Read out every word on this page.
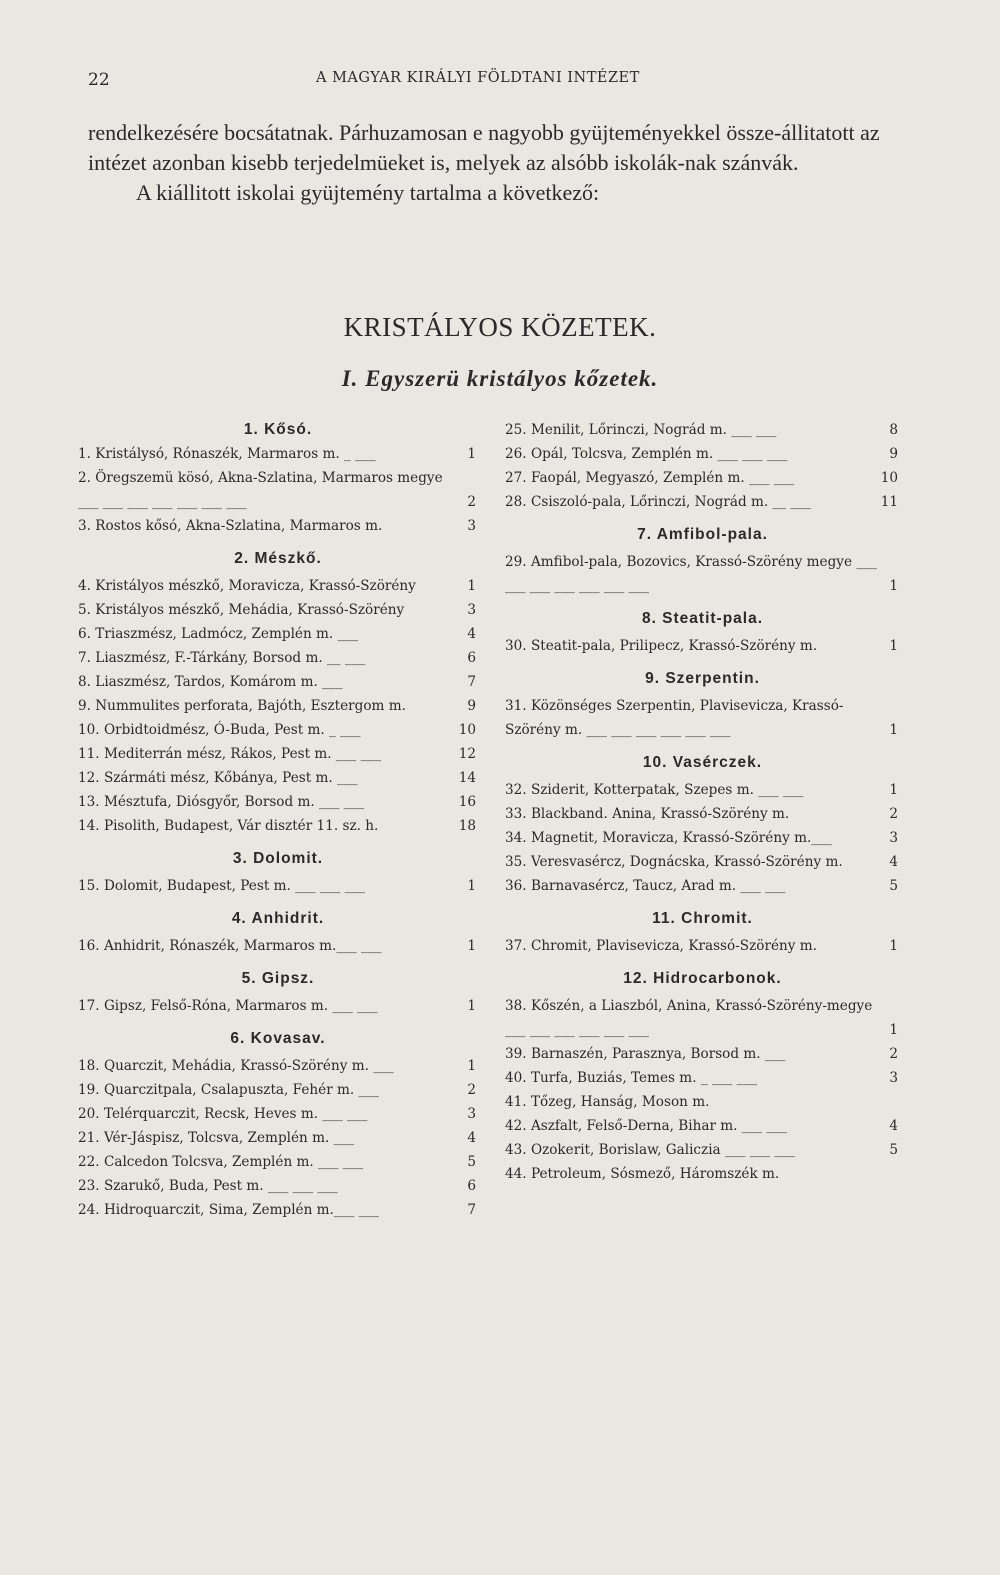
22	A MAGYAR KIRÁLYI FÖLDTANI INTÉZET

rendelkezésére bocsátatnak. Párhuzamosan e nagyobb gyüjteményekkel össze-állitatott az intézet azonban kisebb terjedelmüeket is, melyek az alsóbb iskolák-nak szánvák.

A kiállitott iskolai gyüjtemény tartalma a következő:

KRISTÁLYOS KÖZETEK.
I. Egyszerü kristályos kőzetek.
1. Kősó.
1. Kristálysó, Rónaszék, Marmaros m. _ ___	1
2. Öregszemü kösó, Akna-Szlatina, Marmaros megye ___ ___ ___ ___ ___ ___ ___	2
3. Rostos kősó, Akna-Szlatina, Marmaros m.	3
2. Mészkő.
4. Kristályos mészkő, Moravicza, Krassó-Szörény	1
5. Kristályos mészkő, Mehádia, Krassó-Szörény	3
6. Triaszmész, Ladmócz, Zemplén m. ___	4
7. Liaszmész, F.-Tárkány, Borsod m. __ ___	6
8. Liaszmész, Tardos, Komárom m. ___	7
9. Nummulites perforata, Bajóth, Esztergom m.	9
10. Orbidtoidmész, Ó-Buda, Pest m. _ ___	10
11. Mediterrán mész, Rákos, Pest m. ___ ___	12
12. Szármáti mész, Kőbánya, Pest m. ___	14
13. Mésztufa, Diósgyőr, Borsod m. ___ ___	16
14. Pisolith, Budapest, Vár disztér 11. sz. h.	18
3. Dolomit.
15. Dolomit, Budapest, Pest m. ___ ___ ___	1
4. Anhidrit.
16. Anhidrit, Rónaszék, Marmaros m.___ ___	1
5. Gipsz.
17. Gipsz, Felső-Róna, Marmaros m. ___ ___	1
6. Kovasav.
18. Quarczit, Mehádia, Krassó-Szörény m. ___	1
19. Quarczitpala, Csalapuszta, Fehér m. ___	2
20. Telérquarczit, Recsk, Heves m. ___ ___	3
21. Vér-Jáspisz, Tolcsva, Zemplén m. ___	4
22. Calcedon Tolcsva, Zemplén m. ___ ___	5
23. Szarukő, Buda, Pest m. ___ ___ ___	6
24. Hidroquarczit, Sima, Zemplén m.___ ___	7
25. Menilit, Lőrinczi, Nográd m. ___ ___	8
26. Opál, Tolcsva, Zemplén m. ___ ___ ___	9
27. Faopál, Megyaszó, Zemplén m. ___ ___	10
28. Csiszoló-pala, Lőrinczi, Nográd m. __ ___	11
7. Amfibol-pala.
29. Amfibol-pala, Bozovics, Krassó-Szörény megye ___ ___ ___ ___ ___ ___ ___	1
8. Steatit-pala.
30. Steatit-pala, Prilipecz, Krassó-Szörény m.	1
9. Szerpentin.
31. Közönséges Szerpentin, Plavisevicza, Krassó-Szörény m. ___ ___ ___ ___ ___ ___	1
10. Vasérczek.
32. Sziderit, Kotterpatak, Szepes m. ___ ___	1
33. Blackband. Anina, Krassó-Szörény m.	2
34. Magnetit, Moravicza, Krassó-Szörény m.___	3
35. Veresvasércz, Dognácska, Krassó-Szörény m.	4
36. Barnavasércz, Taucz, Arad m. ___ ___	5
11. Chromit.
37. Chromit, Plavisevicza, Krassó-Szörény m.	1
12. Hidrocarbonok.
38. Kőszén, a Liaszból, Anina, Krassó-Szörény-megye ___ ___ ___ ___ ___ ___	1
39. Barnaszén, Parasznya, Borsod m. ___	2
40. Turfa, Buziás, Temes m. _ ___ ___	3
41. Tőzeg, Hanság, Moson m.
42. Aszfalt, Felső-Derna, Bihar m. ___ ___	4
43. Ozokerit, Borislaw, Galiczia ___ ___ ___	5
44. Petroleum, Sósmező, Háromszék m.
